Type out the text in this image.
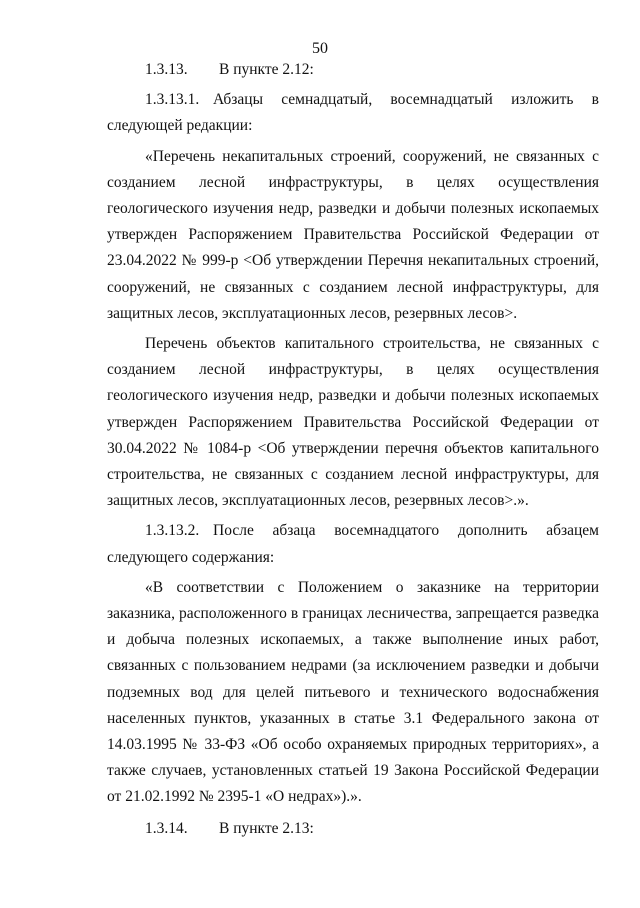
50

1.3.13. В пункте 2.12:

1.3.13.1. Абзацы семнадцатый, восемнадцатый изложить в следующей редакции:

«Перечень некапитальных строений, сооружений, не связанных с созданием лесной инфраструктуры, в целях осуществления геологического изучения недр, разведки и добычи полезных ископаемых утвержден Распоряжением Правительства Российской Федерации от 23.04.2022 № 999-р <Об утверждении Перечня некапитальных строений, сооружений, не связанных с созданием лесной инфраструктуры, для защитных лесов, эксплуатационных лесов, резервных лесов>.

Перечень объектов капитального строительства, не связанных с созданием лесной инфраструктуры, в целях осуществления геологического изучения недр, разведки и добычи полезных ископаемых утвержден Распоряжением Правительства Российской Федерации от 30.04.2022 № 1084-р <Об утверждении перечня объектов капитального строительства, не связанных с созданием лесной инфраструктуры, для защитных лесов, эксплуатационных лесов, резервных лесов>.».

1.3.13.2. После абзаца восемнадцатого дополнить абзацем следующего содержания:

«В соответствии с Положением о заказнике на территории заказника, расположенного в границах лесничества, запрещается разведка и добыча полезных ископаемых, а также выполнение иных работ, связанных с пользованием недрами (за исключением разведки и добычи подземных вод для целей питьевого и технического водоснабжения населенных пунктов, указанных в статье 3.1 Федерального закона от 14.03.1995 № 33-ФЗ «Об особо охраняемых природных территориях», а также случаев, установленных статьей 19 Закона Российской Федерации от 21.02.1992 № 2395-1 «О недрах»).».

1.3.14. В пункте 2.13:
